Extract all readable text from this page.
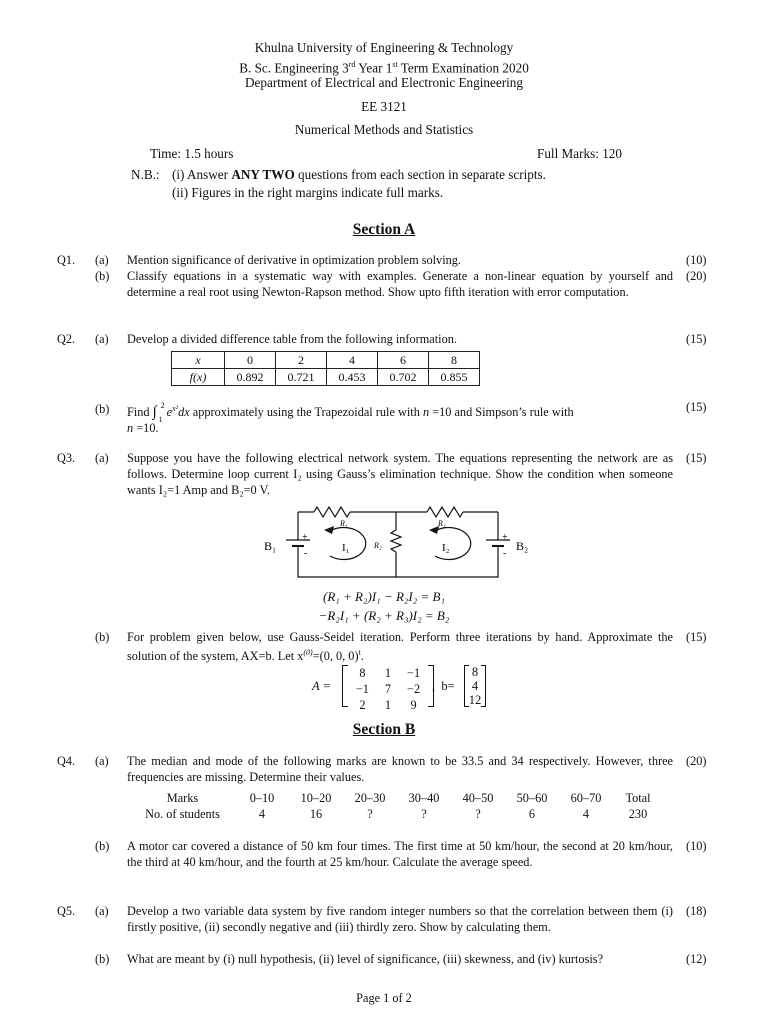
Khulna University of Engineering & Technology
B. Sc. Engineering 3rd Year 1st Term Examination 2020
Department of Electrical and Electronic Engineering
EE 3121
Numerical Methods and Statistics
Time: 1.5 hours	Full Marks: 120
N.B.: (i) Answer ANY TWO questions from each section in separate scripts.
(ii) Figures in the right margins indicate full marks.
Section A
Q1. (a) Mention significance of derivative in optimization problem solving.	(10)
(b) Classify equations in a systematic way with examples. Generate a non-linear equation by yourself and determine a real root using Newton-Rapson method. Show upto fifth iteration with error computation.
(20)
Q2. (a) Develop a divided difference table from the following information.	(15)
x	0	2	4	6	8
f(x)	0.892	0.721	0.453	0.702	0.855
(b) Find ∫ 2
1
$e^{x^2}dx$ approximately using the Trapezoidal rule with n =10 and Simpson’s rule with
n =10.
(15)
Q3. (a) Suppose you have the following electrical network system. The equations representing the network are as follows. Determine loop current I₂ using Gauss’s elimination technique. Show the condition when someone wants I₂=1 Amp and B₂=0 V.
(15)
B₁
+
-
B₂
+
-
R₁	R₃
R₂
I₁	I₂
(R₁ + R₂)I₁ − R₂I₂ = B₁
−R₂I₁ + (R₂ + R₃)I₂ = B₂
(b) For problem given below, use Gauss-Seidel iteration. Perform three iterations by hand. Approximate the solution of the system, AX=b. Let $x^{(0)}=(0$, 0, 0)$^t$.
(15)
A =
8	1	−1
−1	7	−2
2	1	9
,  b=
8
4
12
Section B
Q4. (a) The median and mode of the following marks are known to be 33.5 and 34 respectively. However, three frequencies are missing. Determine their values.
(20)
Marks	0–10	10–20	20–30	30–40	40–50	50–60	60–70	Total
No. of students	4	16	?	?	?	6	4	230
(b) A motor car covered a distance of 50 km four times. The first time at 50 km/hour, the second at 20 km/hour, the third at 40 km/hour, and the fourth at 25 km/hour. Calculate the average speed.
(10)
Q5. (a) Develop a two variable data system by five random integer numbers so that the correlation between them (i) firstly positive, (ii) secondly negative and (iii) thirdly zero. Show by calculating them.
(18)
(b) What are meant by (i) null hypothesis, (ii) level of significance, (iii) skewness, and (iv) kurtosis?	(12)
Page 1 of 2
